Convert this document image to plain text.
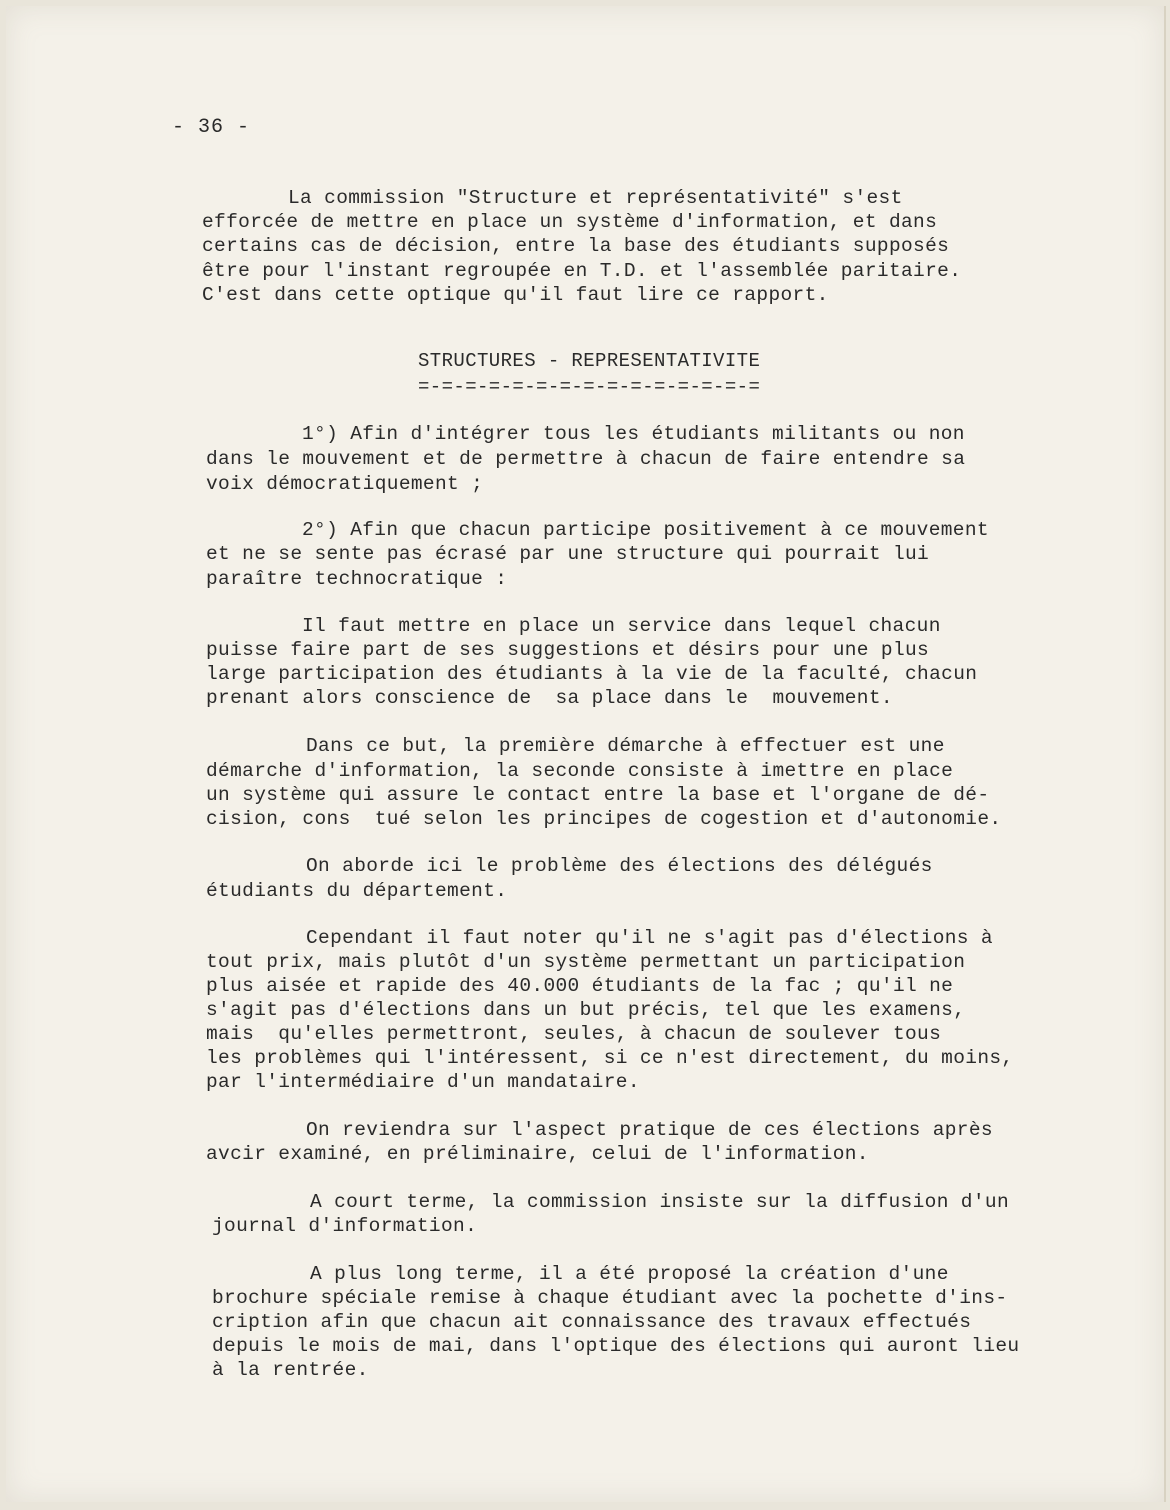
- 36 -
La commission "Structure et représentativité" s'est
efforcée de mettre en place un système d'information, et dans
certains cas de décision, entre la base des étudiants supposés
être pour l'instant regroupée en T.D. et l'assemblée paritaire.
C'est dans cette optique qu'il faut lire ce rapport.
STRUCTURES - REPRESENTATIVITE
=-=-=-=-=-=-=-=-=-=-=-=-=-=-=
1°) Afin d'intégrer tous les étudiants militants ou non
dans le mouvement et de permettre à chacun de faire entendre sa
voix démocratiquement ;
2°) Afin que chacun participe positivement à ce mouvement
et ne se sente pas écrasé par une structure qui pourrait lui
paraître technocratique :
Il faut mettre en place un service dans lequel chacun
puisse faire part de ses suggestions et désirs pour une plus
large participation des étudiants à la vie de la faculté, chacun
prenant alors conscience de  sa place dans le  mouvement.
Dans ce but, la première démarche à effectuer est une
démarche d'information, la seconde consiste à imettre en place
un système qui assure le contact entre la base et l'organe de dé-
cision, cons  tué selon les principes de cogestion et d'autonomie.
On aborde ici le problème des élections des délégués
étudiants du département.
Cependant il faut noter qu'il ne s'agit pas d'élections à
tout prix, mais plutôt d'un système permettant un participation
plus aisée et rapide des 40.000 étudiants de la fac ; qu'il ne
s'agit pas d'élections dans un but précis, tel que les examens,
mais  qu'elles permettront, seules, à chacun de soulever tous
les problèmes qui l'intéressent, si ce n'est directement, du moins,
par l'intermédiaire d'un mandataire.
On reviendra sur l'aspect pratique de ces élections après
avcir examiné, en préliminaire, celui de l'information.
A court terme, la commission insiste sur la diffusion d'un
journal d'information.
A plus long terme, il a été proposé la création d'une
brochure spéciale remise à chaque étudiant avec la pochette d'ins-
cription afin que chacun ait connaissance des travaux effectués
depuis le mois de mai, dans l'optique des élections qui auront lieu
à la rentrée.
